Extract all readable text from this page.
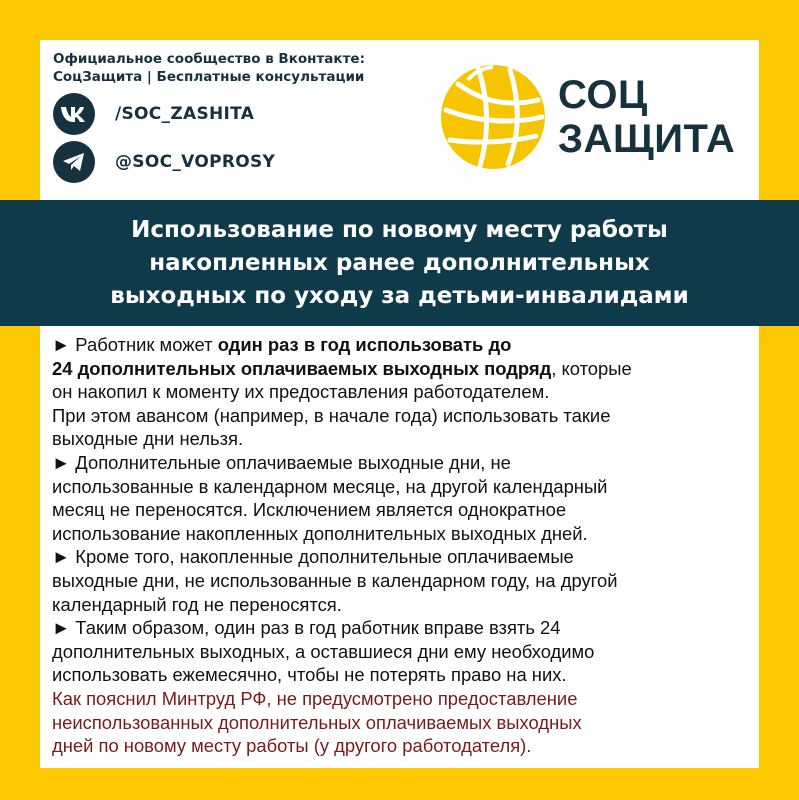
Официальное сообщество в Вконтакте:
СоцЗащита | Бесплатные консультации
/SOC_ZASHITA
@SOC_VOPROSY
СОЦ
ЗАЩИТА
Использование по новому месту работы
накопленных ранее дополнительных
выходных по уходу за детьми-инвалидами
► Работник может один раз в год использовать до
24 дополнительных оплачиваемых выходных подряд, которые
он накопил к моменту их предоставления работодателем.
При этом авансом (например, в начале года) использовать такие
выходные дни нельзя.
► Дополнительные оплачиваемые выходные дни, не
использованные в календарном месяце, на другой календарный
месяц не переносятся. Исключением является однократное
использование накопленных дополнительных выходных дней.
► Кроме того, накопленные дополнительные оплачиваемые
выходные дни, не использованные в календарном году, на другой
календарный год не переносятся.
► Таким образом, один раз в год работник вправе взять 24
дополнительных выходных, а оставшиеся дни ему необходимо
использовать ежемесячно, чтобы не потерять право на них.
Как пояснил Минтруд РФ, не предусмотрено предоставление
неиспользованных дополнительных оплачиваемых выходных
дней по новому месту работы (у другого работодателя).
